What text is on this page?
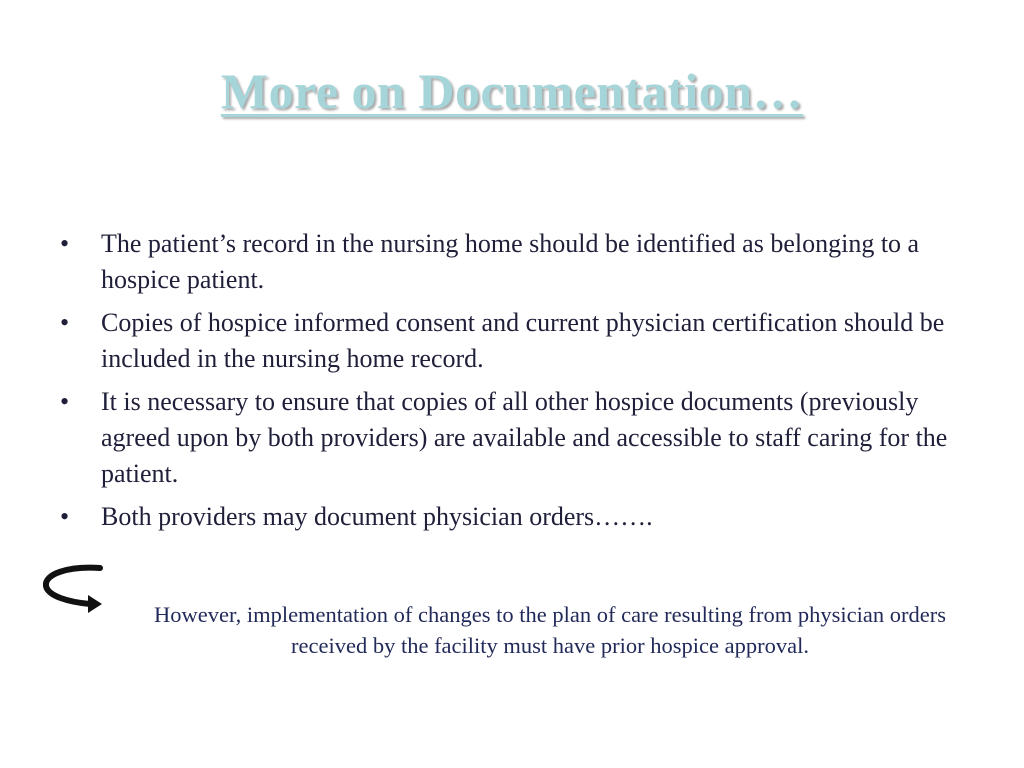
More on Documentation…
• The patient’s record in the nursing home should be identified as belonging to a hospice patient.
• Copies of hospice informed consent and current physician certification should be included in the nursing home record.
• It is necessary to ensure that copies of all other hospice documents (previously agreed upon by both providers) are available and accessible to staff caring for the patient.
• Both providers may document physician orders…….
However, implementation of changes to the plan of care resulting from physician orders received by the facility must have prior hospice approval.
